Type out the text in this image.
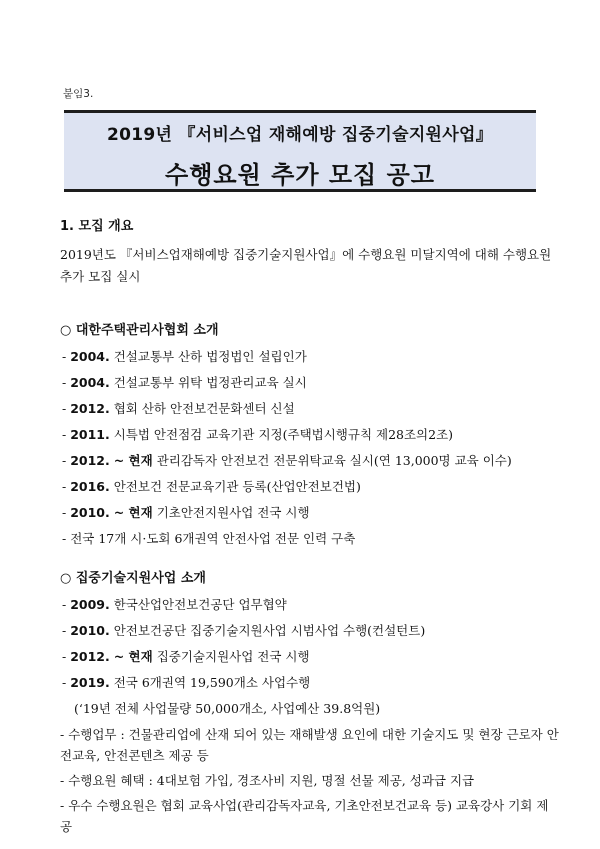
붙임3.
2019년 『서비스업 재해예방 집중기술지원사업』
수행요원 추가 모집 공고
1. 모집 개요
2019년도 『서비스업재해예방 집중기술지원사업』에 수행요원 미달지역에 대해 수행요원 추가 모집 실시
○ 대한주택관리사협회 소개
- 2004. 건설교통부 산하 법정법인 설립인가
- 2004. 건설교통부 위탁 법정관리교육 실시
- 2012. 협회 산하 안전보건문화센터 신설
- 2011. 시특법 안전점검 교육기관 지정(주택법시행규칙 제28조의2조)
- 2012. ~ 현재 관리감독자 안전보건 전문위탁교육 실시(연 13,000명 교육 이수)
- 2016. 안전보건 전문교육기관 등록(산업안전보건법)
- 2010. ~ 현재 기초안전지원사업 전국 시행
- 전국 17개 시·도회 6개권역 안전사업 전문 인력 구축
○ 집중기술지원사업 소개
- 2009. 한국산업안전보건공단 업무협약
- 2010. 안전보건공단 집중기술지원사업 시범사업 수행(컨설턴트)
- 2012. ~ 현재 집중기술지원사업 전국 시행
- 2019. 전국 6개권역 19,590개소 사업수행
(‘19년 전체 사업물량 50,000개소, 사업예산 39.8억원)
- 수행업무 : 건물관리업에 산재 되어 있는 재해발생 요인에 대한 기술지도 및 현장 근로자 안전교육, 안전콘텐츠 제공 등
- 수행요원 혜택 : 4대보험 가입, 경조사비 지원, 명절 선물 제공, 성과급 지급
- 우수 수행요원은 협회 교육사업(관리감독자교육, 기초안전보건교육 등) 교육강사 기회 제공
